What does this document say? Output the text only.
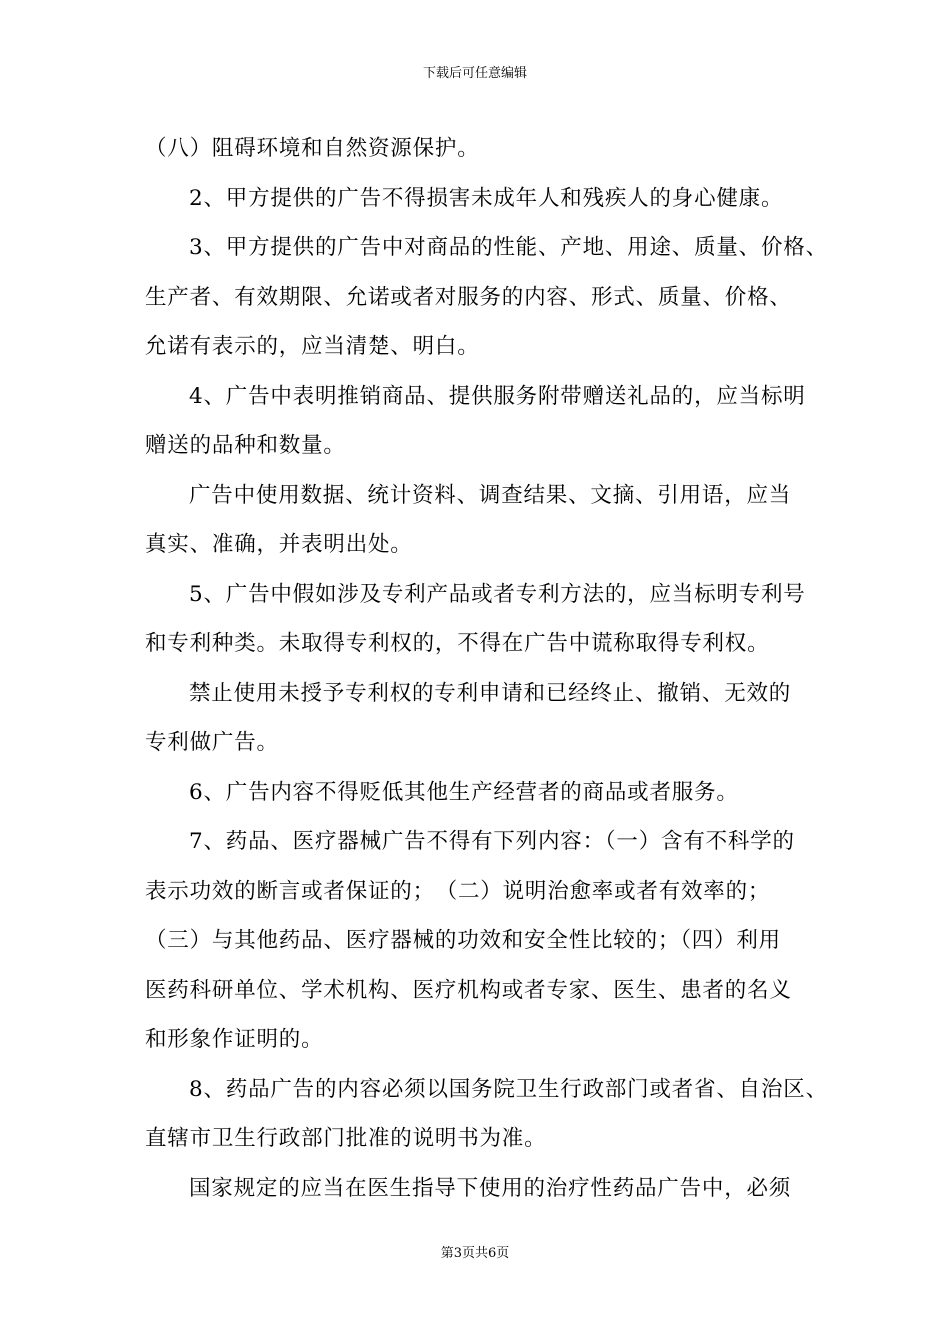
下载后可任意编辑
（八）阻碍环境和自然资源保护。
2、甲方提供的广告不得损害未成年人和残疾人的身心健康。
3、甲方提供的广告中对商品的性能、产地、用途、质量、价格、
生产者、有效期限、允诺或者对服务的内容、形式、质量、价格、
允诺有表示的，应当清楚、明白。
4、广告中表明推销商品、提供服务附带赠送礼品的，应当标明
赠送的品种和数量。
广告中使用数据、统计资料、调查结果、文摘、引用语，应当
真实、准确，并表明出处。
5、广告中假如涉及专利产品或者专利方法的，应当标明专利号
和专利种类。未取得专利权的，不得在广告中谎称取得专利权。
禁止使用未授予专利权的专利申请和已经终止、撤销、无效的
专利做广告。
6、广告内容不得贬低其他生产经营者的商品或者服务。
7、药品、医疗器械广告不得有下列内容：（一）含有不科学的
表示功效的断言或者保证的；　（二）说明治愈率或者有效率的；
（三）与其他药品、医疗器械的功效和安全性比较的；（四）利用
医药科研单位、学术机构、医疗机构或者专家、医生、患者的名义
和形象作证明的。
8、药品广告的内容必须以国务院卫生行政部门或者省、自治区、
直辖市卫生行政部门批准的说明书为准。
国家规定的应当在医生指导下使用的治疗性药品广告中，必须
第3页共6页
